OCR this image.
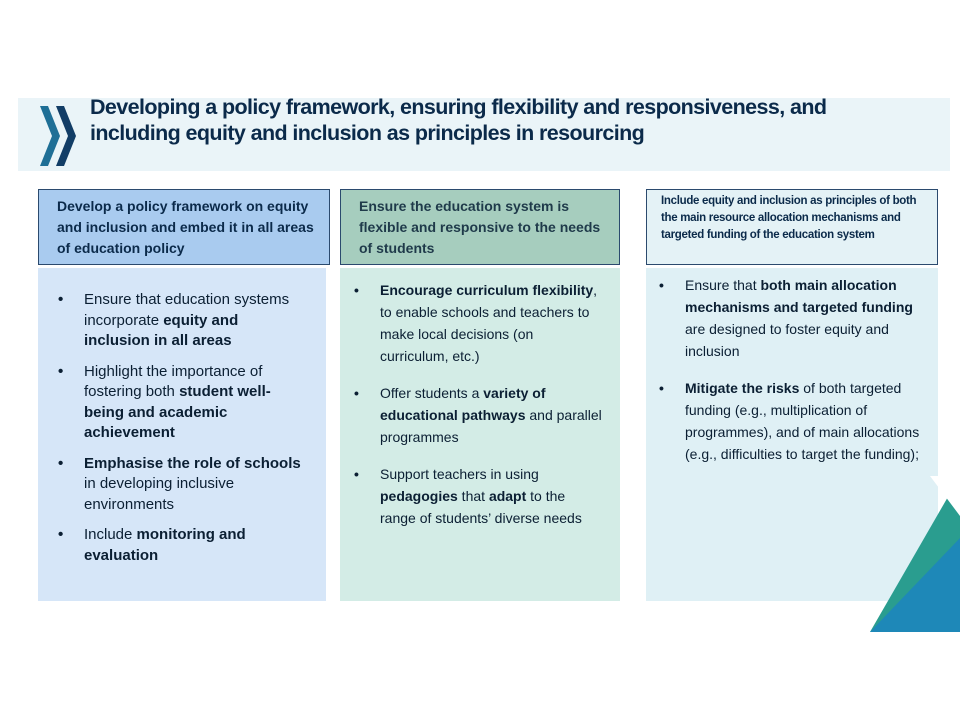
Developing a policy framework, ensuring flexibility and responsiveness, and including equity and inclusion as principles in resourcing
Develop a policy framework on equity and inclusion and embed it in all areas of education policy
• Ensure that education systems incorporate equity and inclusion in all areas
• Highlight the importance of fostering both student well-being and academic achievement
• Emphasise the role of schools in developing inclusive environments
• Include monitoring and evaluation
Ensure the education system is flexible and responsive to the needs of students
• Encourage curriculum flexibility, to enable schools and teachers to make local decisions (on curriculum, etc.)
• Offer students a variety of educational pathways and parallel programmes
• Support teachers in using pedagogies that adapt to the range of students’ diverse needs
Include equity and inclusion as principles of both the main resource allocation mechanisms and targeted funding of the education system
• Ensure that both main allocation mechanisms and targeted funding are designed to foster equity and inclusion
• Mitigate the risks of both targeted funding (e.g., multiplication of programmes), and of main allocations (e.g., difficulties to target the funding);
